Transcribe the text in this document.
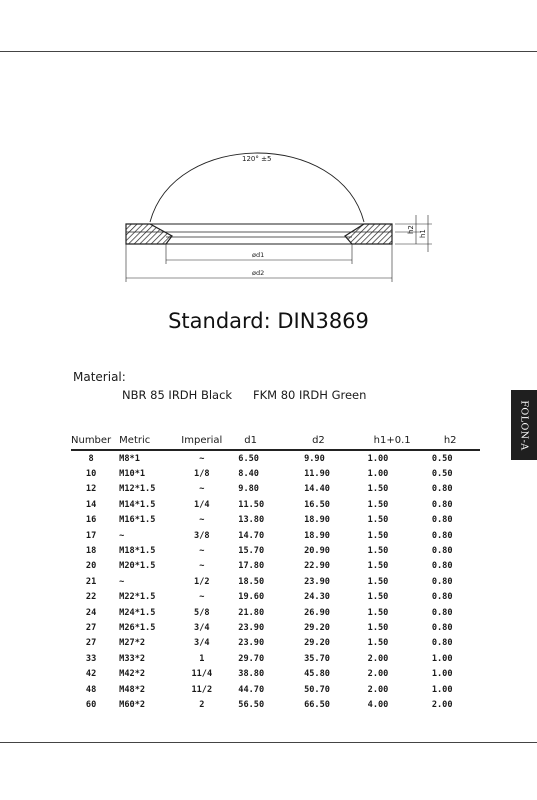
120° ±5
h2 h1
ød1
ød2
Standard: DIN3869
Material:
NBR 85 IRDH Black FKM 80 IRDH Green
FOLON-A
Number	Metric	Imperial	d1	d2	h1+0.1	h2
8	M8*1	~	6.50	9.90	1.00	0.50
10	M10*1	1/8	8.40	11.90	1.00	0.50
12	M12*1.5	~	9.80	14.40	1.50	0.80
14	M14*1.5	1/4	11.50	16.50	1.50	0.80
16	M16*1.5	~	13.80	18.90	1.50	0.80
17	~	3/8	14.70	18.90	1.50	0.80
18	M18*1.5	~	15.70	20.90	1.50	0.80
20	M20*1.5	~	17.80	22.90	1.50	0.80
21	~	1/2	18.50	23.90	1.50	0.80
22	M22*1.5	~	19.60	24.30	1.50	0.80
24	M24*1.5	5/8	21.80	26.90	1.50	0.80
27	M26*1.5	3/4	23.90	29.20	1.50	0.80
27	M27*2	3/4	23.90	29.20	1.50	0.80
33	M33*2	1	29.70	35.70	2.00	1.00
42	M42*2	11/4	38.80	45.80	2.00	1.00
48	M48*2	11/2	44.70	50.70	2.00	1.00
60	M60*2	2	56.50	66.50	4.00	2.00
